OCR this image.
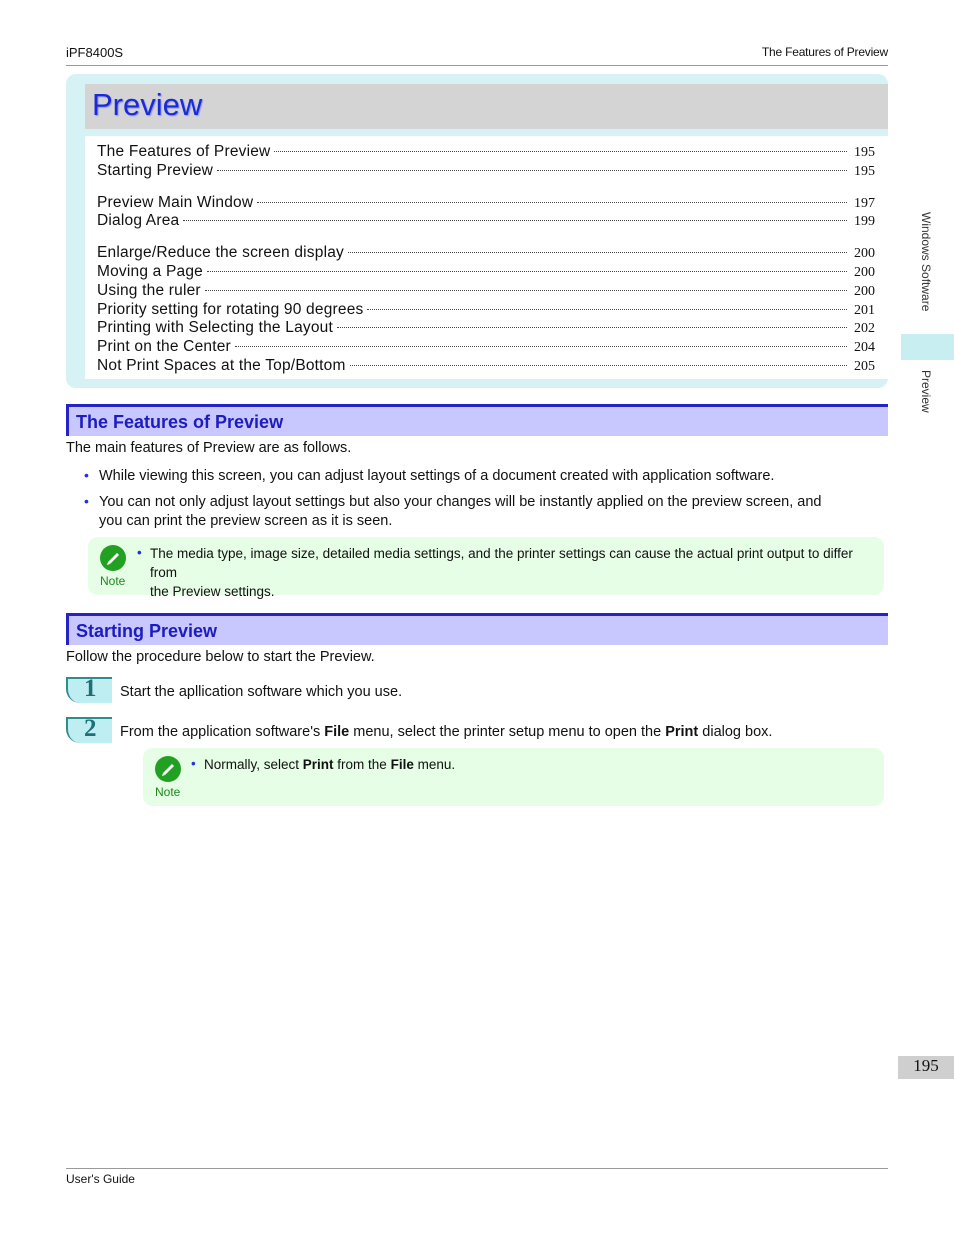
iPF8400S	The Features of Preview
Preview
The Features of Preview	195
Starting Preview	195
Preview Main Window	197
Dialog Area	199
Enlarge/Reduce the screen display	200
Moving a Page	200
Using the ruler	200
Priority setting for rotating 90 degrees	201
Printing with Selecting the Layout	202
Print on the Center	204
Not Print Spaces at the Top/Bottom	205
The Features of Preview
The main features of Preview are as follows.
• While viewing this screen, you can adjust layout settings of a document created with application software.
• You can not only adjust layout settings but also your changes will be instantly applied on the preview screen, and
you can print the preview screen as it is seen.
Note
• The media type, image size, detailed media settings, and the printer settings can cause the actual print output to differ from
the Preview settings.
Starting Preview
Follow the procedure below to start the Preview.
1 Start the apllication software which you use.
2 From the application software's File menu, select the printer setup menu to open the Print dialog box.
Note
• Normally, select Print from the File menu.
Windows Software
Preview
195
User's Guide
